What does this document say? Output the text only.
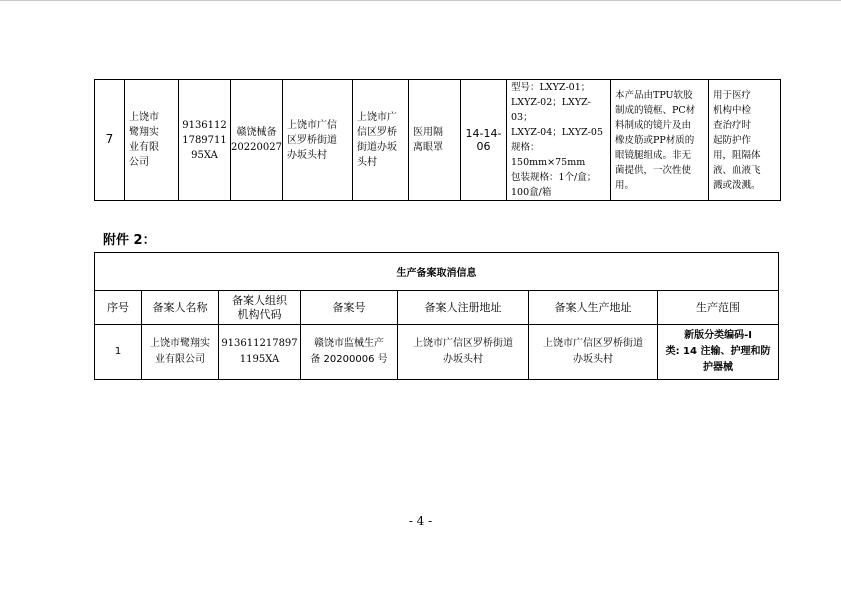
7	上饶市
鹭翔实
业有限
公司	9136112
1789711
95XA	赣饶械备
20220027	上饶市广信
区罗桥街道
办坂头村	上饶市广
信区罗桥
街道办坂
头村	医用隔
离眼罩	14-14-
06	型号：LXYZ-01；
LXYZ-02；LXYZ-03；
LXYZ-04；LXYZ-05
规格：150mm×75mm
包装规格：1个/盒；
100盒/箱	本产品由TPU软胶
制成的镜框、PC材
料制成的镜片及由
橡皮筋或PP材质的
眼镜腿组成。非无
菌提供，一次性使
用。	用于医疗
机构中检
查治疗时
起防护作
用，阻隔体
液、血液飞
溅或泼溅。
附件 2：
生产备案取消信息						
序号	备案人名称	备案人组织
机构代码	备案号	备案人注册地址	备案人生产地址	生产范围
1	上饶市鹭翔实
业有限公司	913611217897
1195XA	赣饶市监械生产
备 20200006 号	上饶市广信区罗桥街道
办坂头村	上饶市广信区罗桥街道
办坂头村	新版分类编码-Ⅰ
类: 14 注输、护理和防
护器械
- 4 -
